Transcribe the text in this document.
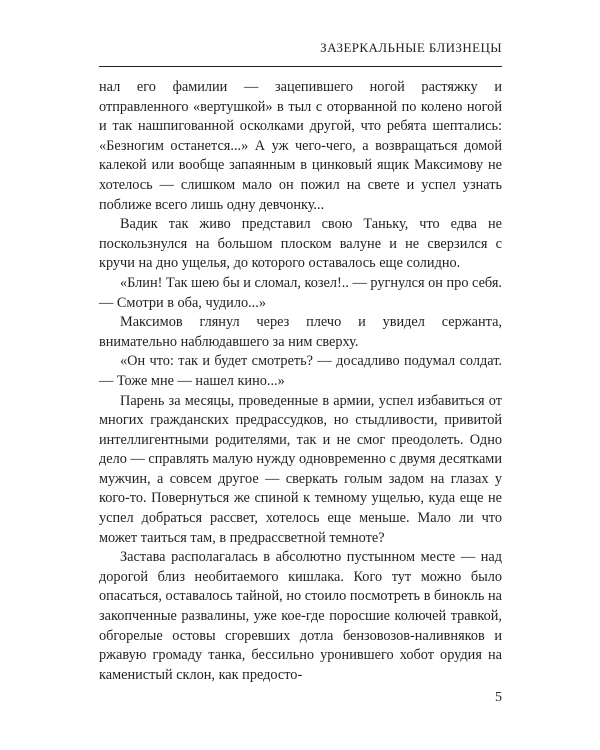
ЗАЗЕРКАЛЬНЫЕ БЛИЗНЕЦЫ

нал его фамилии — зацепившего ногой растяжку и отправленного «вертушкой» в тыл с оторванной по колено ногой и так нашпигованной осколками другой, что ребята шептались: «Безногим останется...» А уж чего-чего, а возвращаться домой калекой или вообще запаянным в цинковый ящик Максимову не хотелось — слишком мало он пожил на свете и успел узнать поближе всего лишь одну девчонку...

Вадик так живо представил свою Таньку, что едва не поскользнулся на большом плоском валуне и не сверзился с кручи на дно ущелья, до которого оставалось еще солидно.

«Блин! Так шею бы и сломал, козел!.. — ругнулся он про себя. — Смотри в оба, чудило...»

Максимов глянул через плечо и увидел сержанта, внимательно наблюдавшего за ним сверху.

«Он что: так и будет смотреть? — досадливо подумал солдат. — Тоже мне — нашел кино...»

Парень за месяцы, проведенные в армии, успел избавиться от многих гражданских предрассудков, но стыдливости, привитой интеллигентными родителями, так и не смог преодолеть. Одно дело — справлять малую нужду одновременно с двумя десятками мужчин, а совсем другое — сверкать голым задом на глазах у кого-то. Повернуться же спиной к темному ущелью, куда еще не успел добраться рассвет, хотелось еще меньше. Мало ли что может таиться там, в предрассветной темноте?

Застава располагалась в абсолютно пустынном месте — над дорогой близ необитаемого кишлака. Кого тут можно было опасаться, оставалось тайной, но стоило посмотреть в бинокль на закопченные развалины, уже кое-где поросшие колючей травкой, обгорелые остовы сгоревших дотла бензовозов-наливняков и ржавую громаду танка, бессильно уронившего хобот орудия на каменистый склон, как предосто-

5
